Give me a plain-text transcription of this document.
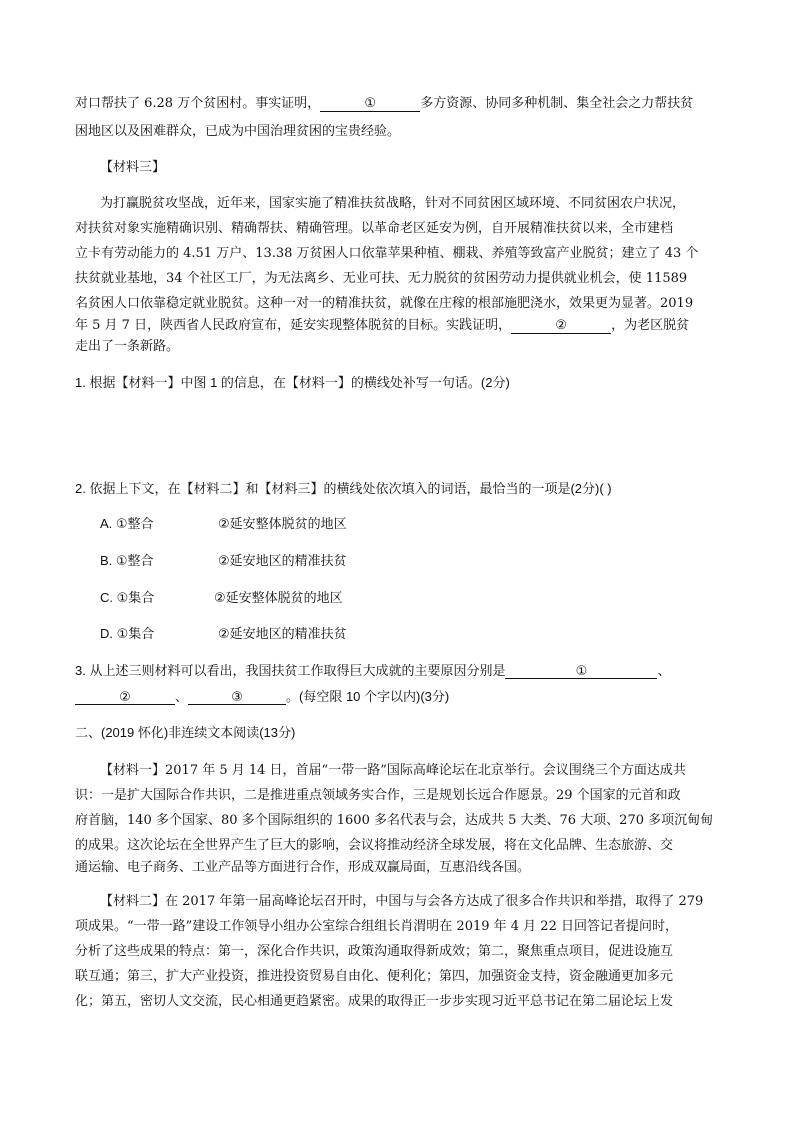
对口帮扶了 6.28 万个贫困村。事实证明，	①	多方资源、协同多种机制、集全社会之力帮扶贫
困地区以及困难群众，已成为中国治理贫困的宝贵经验。
【材料三】
为打赢脱贫攻坚战，近年来，国家实施了精准扶贫战略，针对不同贫困区域环境、不同贫困农户状况，
对扶贫对象实施精确识别、精确帮扶、精确管理。以革命老区延安为例，自开展精准扶贫以来，全市建档
立卡有劳动能力的 4.51 万户、13.38 万贫困人口依靠苹果种植、棚栽、养殖等致富产业脱贫；建立了 43 个
扶贫就业基地，34 个社区工厂，为无法离乡、无业可扶、无力脱贫的贫困劳动力提供就业机会，使 11589
名贫困人口依靠稳定就业脱贫。这种一对一的精准扶贫，就像在庄稼的根部施肥浇水，效果更为显著。2019
年 5 月 7 日，陕西省人民政府宣布，延安实现整体脱贫的目标。实践证明，	②	，为老区脱贫
走出了一条新路。
1. 根据【材料一】中图 1 的信息，在【材料一】的横线处补写一句话。(2分)
2. 依据上下文，在【材料二】和【材料三】的横线处依次填入的词语，最恰当的一项是(2分)( )
A. ①整合	②延安整体脱贫的地区
B. ①整合	②延安地区的精准扶贫
C. ①集合	②延安整体脱贫的地区
D. ①集合	②延安地区的精准扶贫
3. 从上述三则材料可以看出，我国扶贫工作取得巨大成就的主要原因分别是	①	、
②	、	③	。(每空限 10 个字以内)(3分)
二、(2019 怀化)非连续文本阅读(13分)
【材料一】2017 年 5 月 14 日，首届“一带一路”国际高峰论坛在北京举行。会议围绕三个方面达成共
识：一是扩大国际合作共识，二是推进重点领域务实合作，三是规划长远合作愿景。29 个国家的元首和政
府首脑，140 多个国家、80 多个国际组织的 1600 多名代表与会，达成共 5 大类、76 大项、270 多项沉甸甸
的成果。这次论坛在全世界产生了巨大的影响，会议将推动经济全球发展，将在文化品牌、生态旅游、交
通运输、电子商务、工业产品等方面进行合作，形成双赢局面，互惠沿线各国。
【材料二】在 2017 年第一届高峰论坛召开时，中国与与会各方达成了很多合作共识和举措，取得了 279
项成果。“一带一路”建设工作领导小组办公室综合组组长肖渭明在 2019 年 4 月 22 日回答记者提问时，
分析了这些成果的特点：第一，深化合作共识，政策沟通取得新成效；第二，聚焦重点项目，促进设施互
联互通；第三，扩大产业投资，推进投资贸易自由化、便利化；第四，加强资金支持，资金融通更加多元
化；第五，密切人文交流，民心相通更趋紧密。成果的取得正一步步实现习近平总书记在第二届论坛上发
